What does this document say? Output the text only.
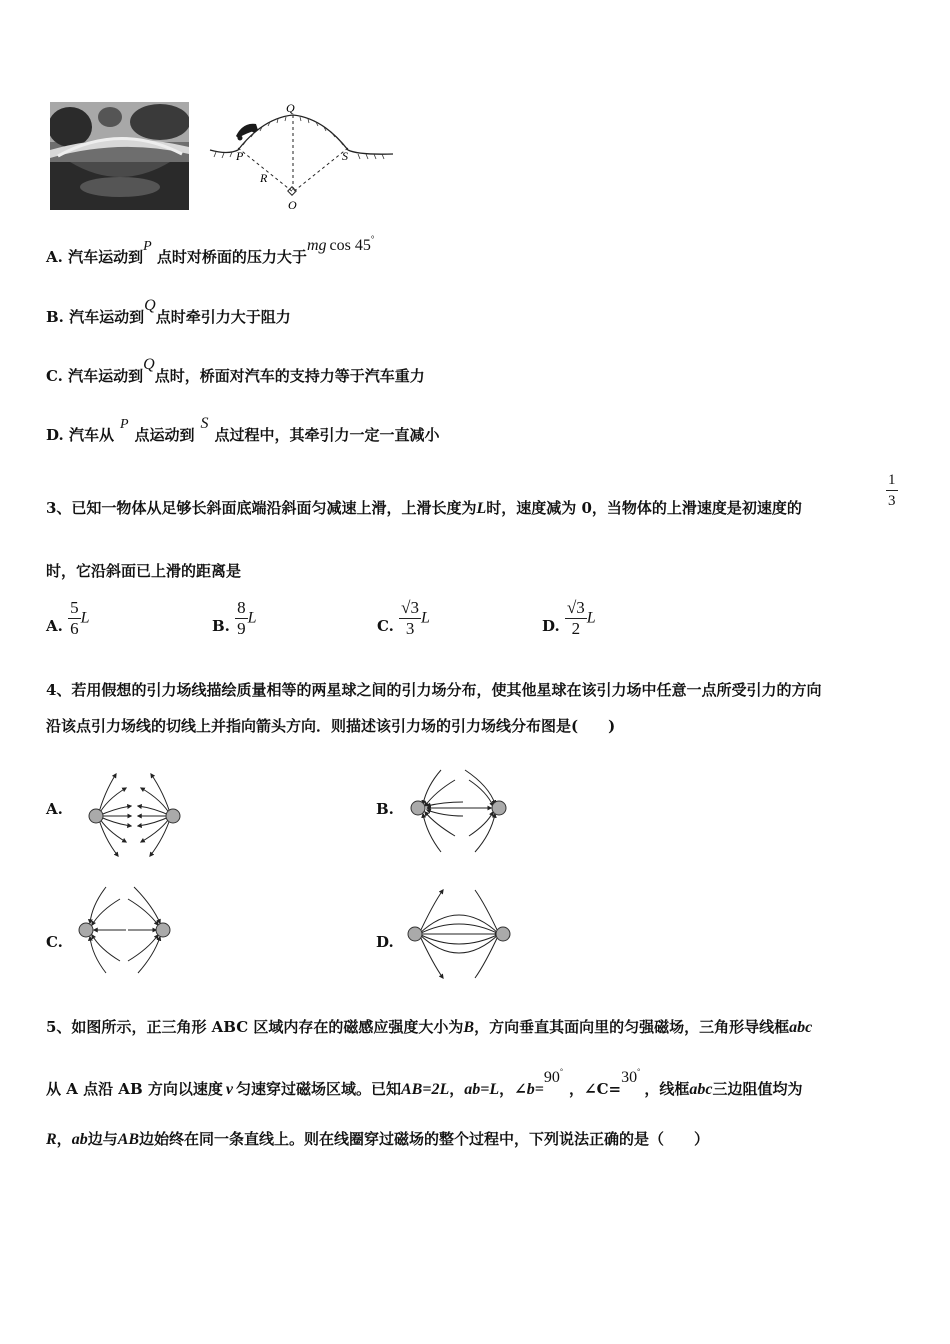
Q
P	S
R
O
A. 汽车运动到P 点时对桥面的压力大于mg cos 45°
B. 汽车运动到Q点时牵引力大于阻力
C. 汽车运动到Q点时，桥面对汽车的支持力等于汽车重力
D. 汽车从P点运动到S点过程中，其牵引力一定一直减小
3、已知一物体从足够长斜面底端沿斜面匀减速上滑，上滑长度为L时，速度减为 0，当物体的上滑速度是初速度的	$\frac{1}{3}$
时，它沿斜面已上滑的距离是
A. $\frac{5}{6}$ L	B. $\frac{8}{9}$ L	C. $\frac{√3}{3}$ L	D. $\frac{√3}{2}$ L
4、若用假想的引力场线描绘质量相等的两星球之间的引力场分布，使其他星球在该引力场中任意一点所受引力的方向
沿该点引力场线的切线上并指向箭头方向．则描述该引力场的引力场线分布图是(　　)
A.	B.
C.	D.
5、如图所示，正三角形 ABC 区域内存在的磁感应强度大小为B，方向垂直其面向里的匀强磁场，三角形导线框abc
从 A 点沿 AB 方向以速度 v 匀速穿过磁场区域。已知AB=2L，ab=L，∠b=90°，∠C=30°，线框abc三边阻值均为
R，ab边与AB边始终在同一条直线上。则在线圈穿过磁场的整个过程中，下列说法正确的是（　　）
